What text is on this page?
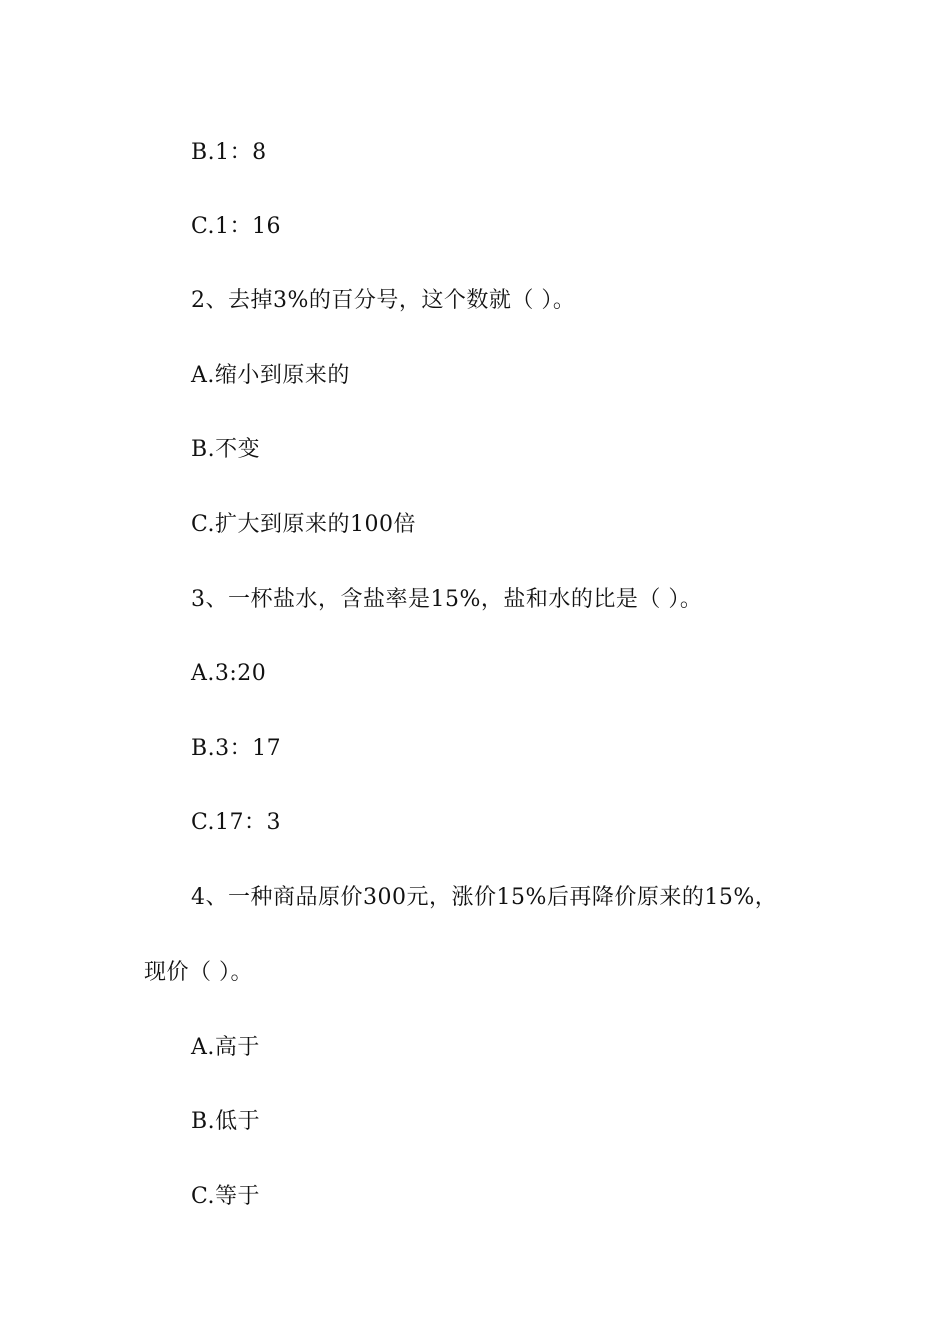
B.1：8
C.1：16
2、去掉3%的百分号，这个数就（ ）。
A.缩小到原来的
B.不变
C.扩大到原来的100倍
3、一杯盐水，含盐率是15%，盐和水的比是（ ）。
A.3:20
B.3：17
C.17：3
4、一种商品原价300元，涨价15%后再降价原来的15%，
现价（ ）。
A.高于
B.低于
C.等于
